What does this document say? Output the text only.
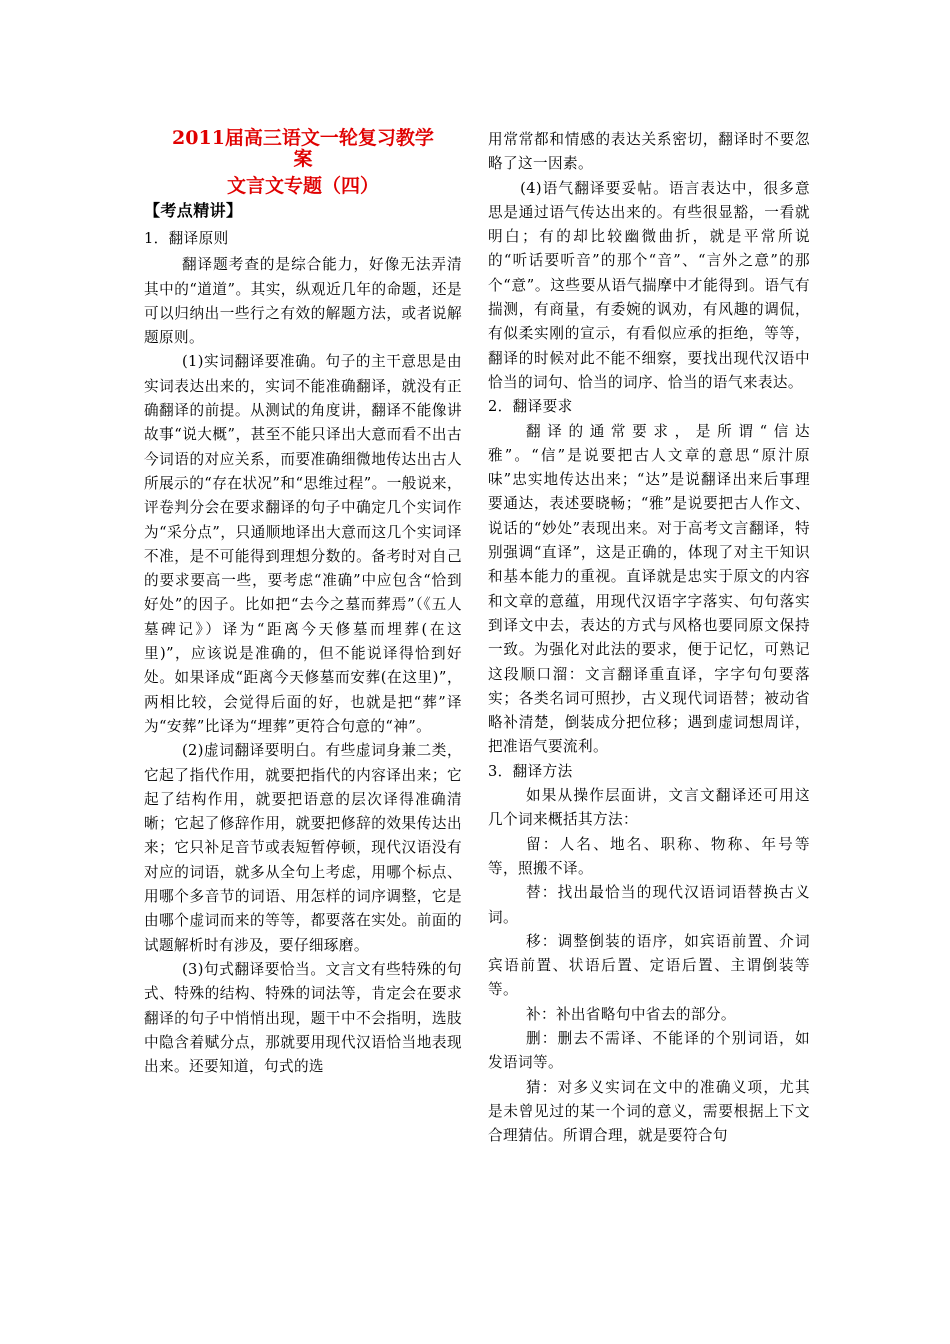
2011届高三语文一轮复习教学
案
文言文专题（四）

【考点精讲】

1．翻译原则

翻译题考查的是综合能力，好像无法弄清其中的“道道”。其实，纵观近几年的命题，还是可以归纳出一些行之有效的解题方法，或者说解题原则。

(1)实词翻译要准确。句子的主干意思是由实词表达出来的，实词不能准确翻译，就没有正确翻译的前提。从测试的角度讲，翻译不能像讲故事“说大概”，甚至不能只译出大意而看不出古今词语的对应关系，而要准确细微地传达出古人所展示的“存在状况”和“思维过程”。一般说来，评卷判分会在要求翻译的句子中确定几个实词作为“采分点”，只通顺地译出大意而这几个实词译不准，是不可能得到理想分数的。备考时对自己的要求要高一些，要考虑“准确”中应包含“恰到好处”的因子。比如把“去今之墓而葬焉”（《五人墓碑记》）译为“距离今天修墓而埋葬(在这里)”，应该说是准确的，但不能说译得恰到好处。如果译成“距离今天修墓而安葬(在这里)”，两相比较，会觉得后面的好，也就是把“葬”译为“安葬”比译为“埋葬”更符合句意的“神”。

(2)虚词翻译要明白。有些虚词身兼二类，它起了指代作用，就要把指代的内容译出来；它起了结构作用，就要把语意的层次译得准确清晰；它起了修辞作用，就要把修辞的效果传达出来；它只补足音节或表短暂停顿，现代汉语没有对应的词语，就多从全句上考虑，用哪个标点、用哪个多音节的词语、用怎样的词序调整，它是由哪个虚词而来的等等，都要落在实处。前面的试题解析时有涉及，要仔细琢磨。

(3)句式翻译要恰当。文言文有些特殊的句式、特殊的结构、特殊的词法等，肯定会在要求翻译的句子中悄悄出现，题干中不会指明，选肢中隐含着赋分点，那就要用现代汉语恰当地表现出来。还要知道，句式的选

用常常都和情感的表达关系密切，翻译时不要忽略了这一因素。

(4)语气翻译要妥帖。语言表达中，很多意思是通过语气传达出来的。有些很显豁，一看就明白；有的却比较幽微曲折，就是平常所说的“听话要听音”的那个“音”、“言外之意”的那个“意”。这些要从语气揣摩中才能得到。语气有揣测，有商量，有委婉的讽劝，有风趣的调侃，有似柔实刚的宣示，有看似应承的拒绝，等等，翻译的时候对此不能不细察，要找出现代汉语中恰当的词句、恰当的词序、恰当的语气来表达。

2．翻译要求

翻译的通常要求，是所谓“信达雅”。“信”是说要把古人文章的意思“原汁原味”忠实地传达出来；“达”是说翻译出来后事理要通达，表述要晓畅；“雅”是说要把古人作文、说话的“妙处”表现出来。对于高考文言翻译，特别强调“直译”，这是正确的，体现了对主干知识和基本能力的重视。直译就是忠实于原文的内容和文章的意蕴，用现代汉语字字落实、句句落实到译文中去，表达的方式与风格也要同原文保持一致。为强化对此法的要求，便于记忆，可熟记这段顺口溜：文言翻译重直译，字字句句要落实；各类名词可照抄，古义现代词语替；被动省略补清楚，倒装成分把位移；遇到虚词想周详，把准语气要流利。

3．翻译方法

如果从操作层面讲，文言文翻译还可用这几个词来概括其方法：

留：人名、地名、职称、物称、年号等等，照搬不译。

替：找出最恰当的现代汉语词语替换古义词。

移：调整倒装的语序，如宾语前置、介词宾语前置、状语后置、定语后置、主谓倒装等等。

补：补出省略句中省去的部分。

删：删去不需译、不能译的个别词语，如发语词等。

猜：对多义实词在文中的准确义项，尤其是未曾见过的某一个词的意义，需要根据上下文合理猜估。所谓合理，就是要符合句
